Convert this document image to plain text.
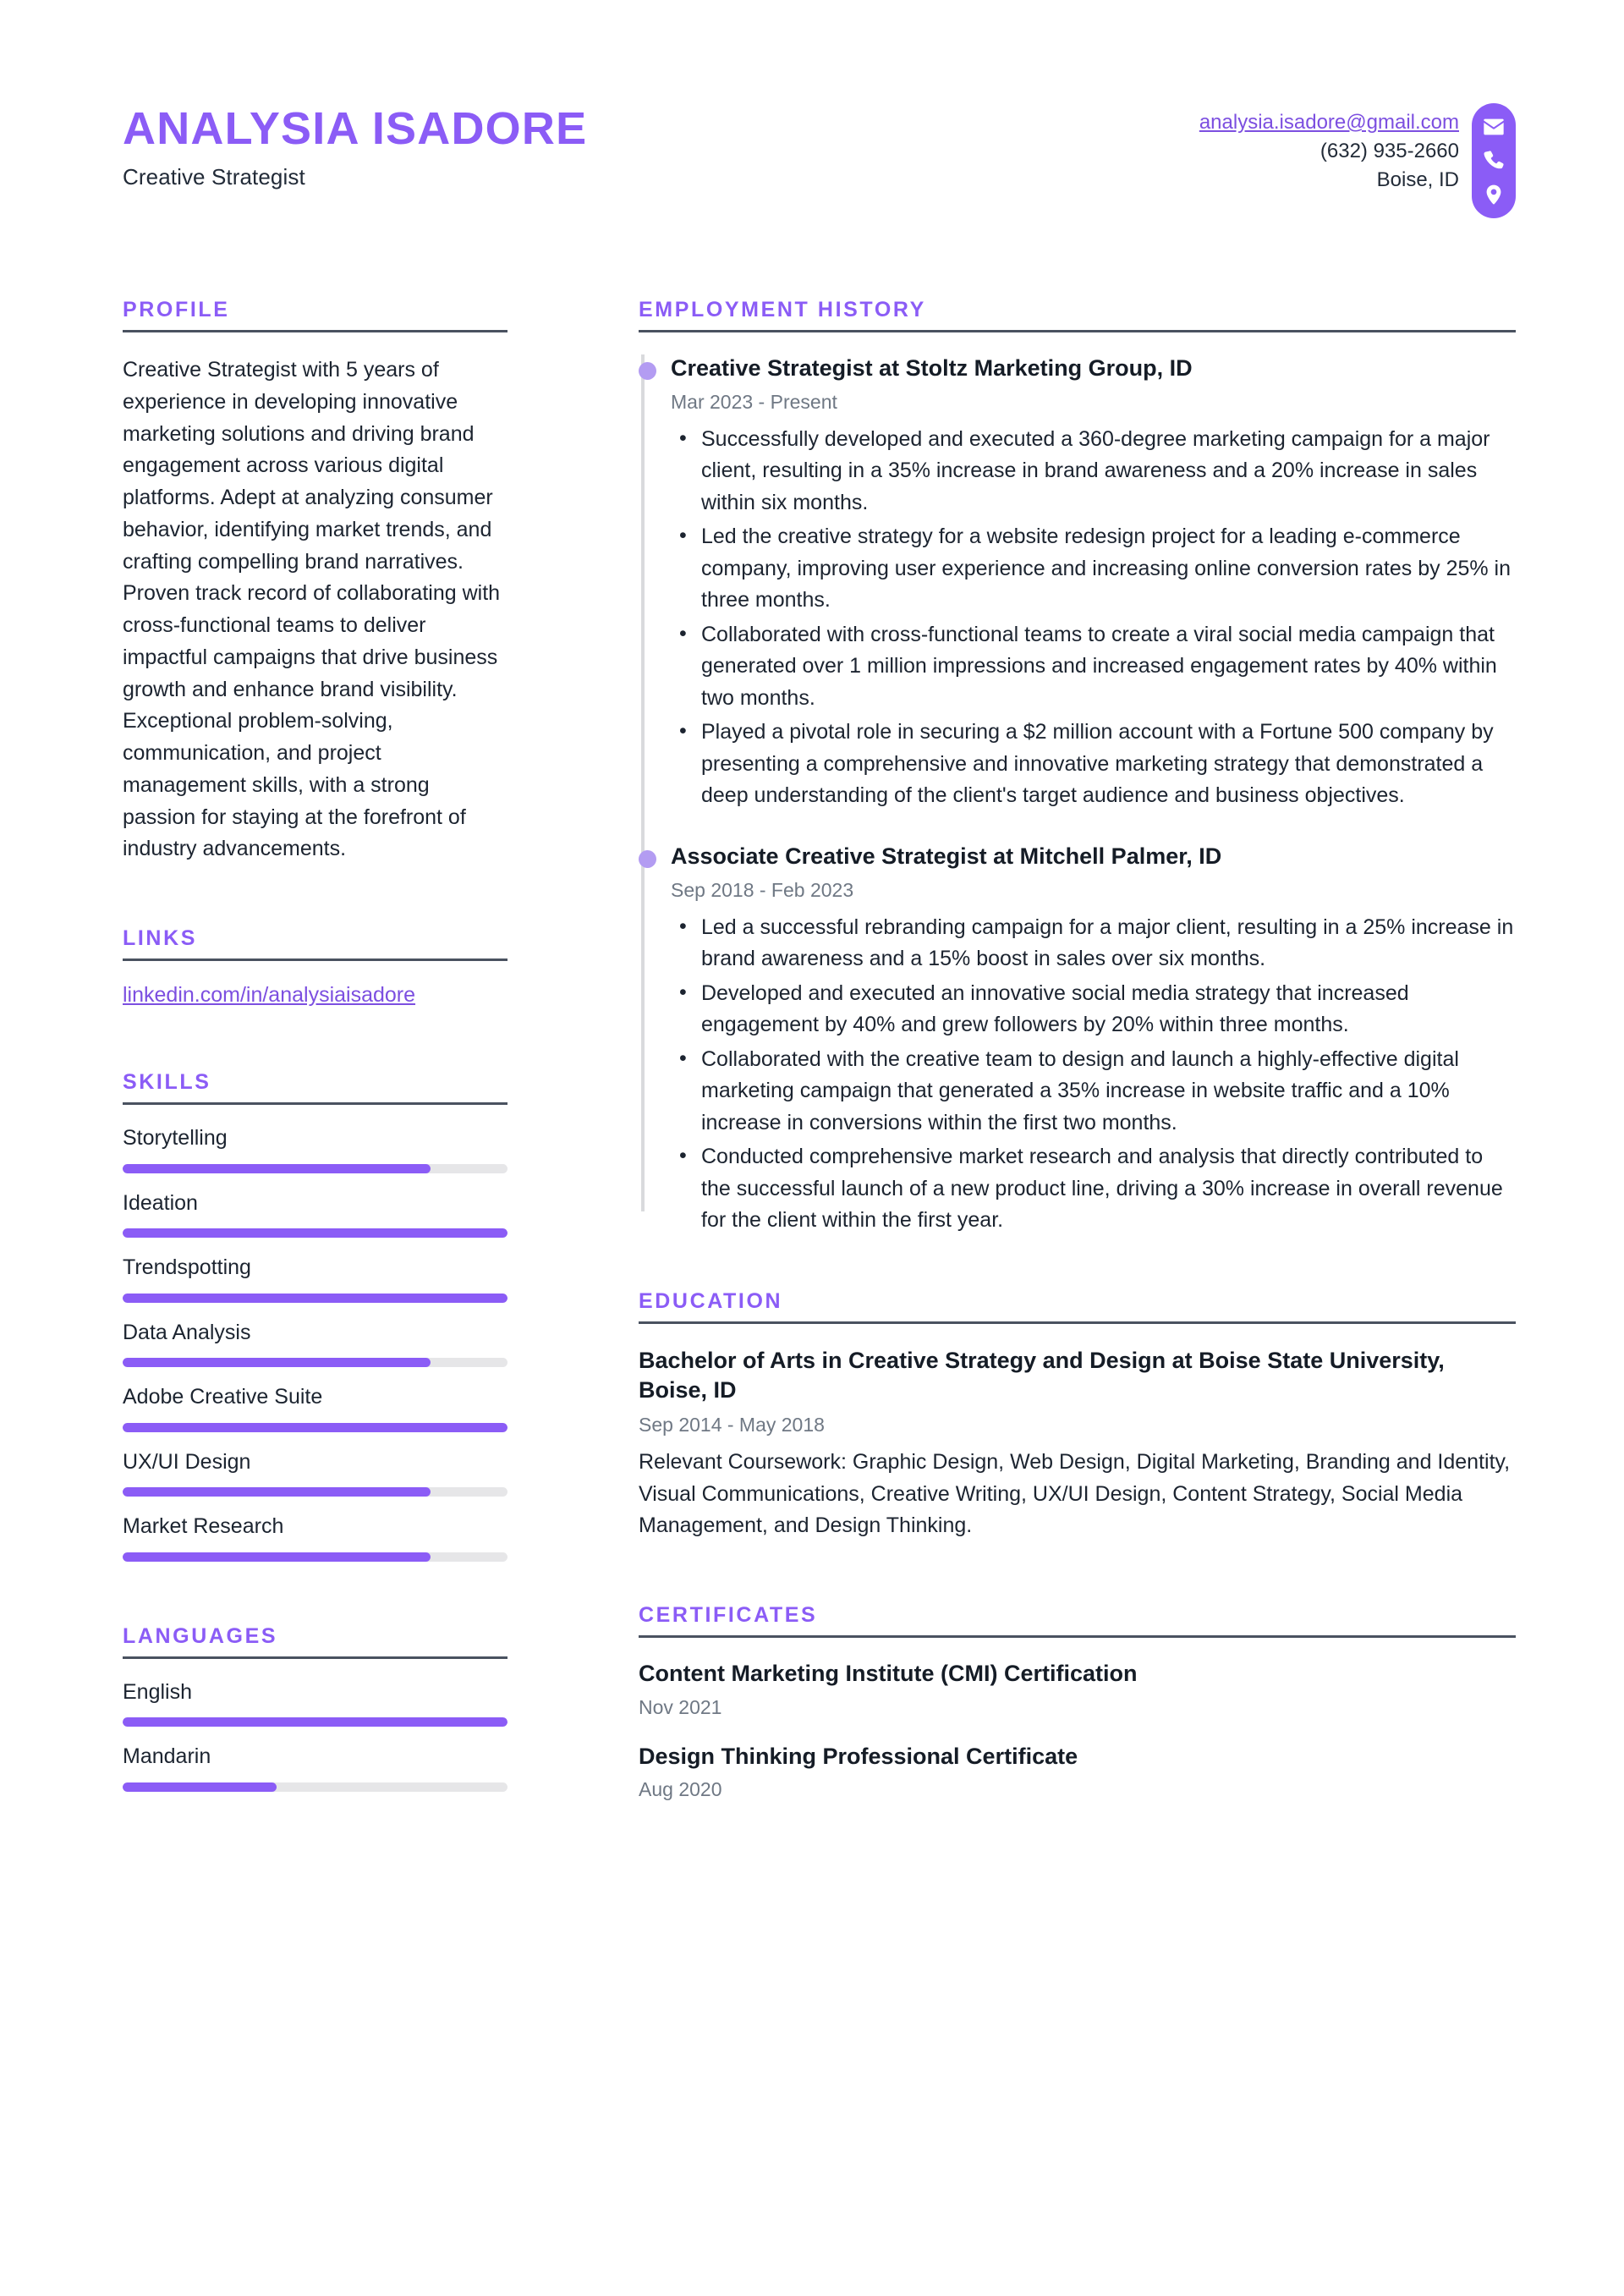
ANALYSIA ISADORE
Creative Strategist
analysia.isadore@gmail.com
(632) 935-2660
Boise, ID
PROFILE

Creative Strategist with 5 years of experience in developing innovative marketing solutions and driving brand engagement across various digital platforms. Adept at analyzing consumer behavior, identifying market trends, and crafting compelling brand narratives. Proven track record of collaborating with cross-functional teams to deliver impactful campaigns that drive business growth and enhance brand visibility. Exceptional problem-solving, communication, and project management skills, with a strong passion for staying at the forefront of industry advancements.

LINKS
linkedin.com/in/analysiaisadore
SKILLS
Storytelling
Ideation
Trendspotting
Data Analysis
Adobe Creative Suite
UX/UI Design
Market Research
LANGUAGES
English
Mandarin
EMPLOYMENT HISTORY
Creative Strategist at Stoltz Marketing Group, ID
Mar 2023 - Present
• Successfully developed and executed a 360-degree marketing campaign for a major client, resulting in a 35% increase in brand awareness and a 20% increase in sales within six months.
• Led the creative strategy for a website redesign project for a leading e-commerce company, improving user experience and increasing online conversion rates by 25% in three months.
• Collaborated with cross-functional teams to create a viral social media campaign that generated over 1 million impressions and increased engagement rates by 40% within two months.
• Played a pivotal role in securing a $2 million account with a Fortune 500 company by presenting a comprehensive and innovative marketing strategy that demonstrated a deep understanding of the client's target audience and business objectives.
Associate Creative Strategist at Mitchell Palmer, ID
Sep 2018 - Feb 2023
• Led a successful rebranding campaign for a major client, resulting in a 25% increase in brand awareness and a 15% boost in sales over six months.
• Developed and executed an innovative social media strategy that increased engagement by 40% and grew followers by 20% within three months.
• Collaborated with the creative team to design and launch a highly-effective digital marketing campaign that generated a 35% increase in website traffic and a 10% increase in conversions within the first two months.
• Conducted comprehensive market research and analysis that directly contributed to the successful launch of a new product line, driving a 30% increase in overall revenue for the client within the first year.
EDUCATION
Bachelor of Arts in Creative Strategy and Design at Boise State University, Boise, ID
Sep 2014 - May 2018

Relevant Coursework: Graphic Design, Web Design, Digital Marketing, Branding and Identity, Visual Communications, Creative Writing, UX/UI Design, Content Strategy, Social Media Management, and Design Thinking.

CERTIFICATES
Content Marketing Institute (CMI) Certification
Nov 2021
Design Thinking Professional Certificate
Aug 2020
